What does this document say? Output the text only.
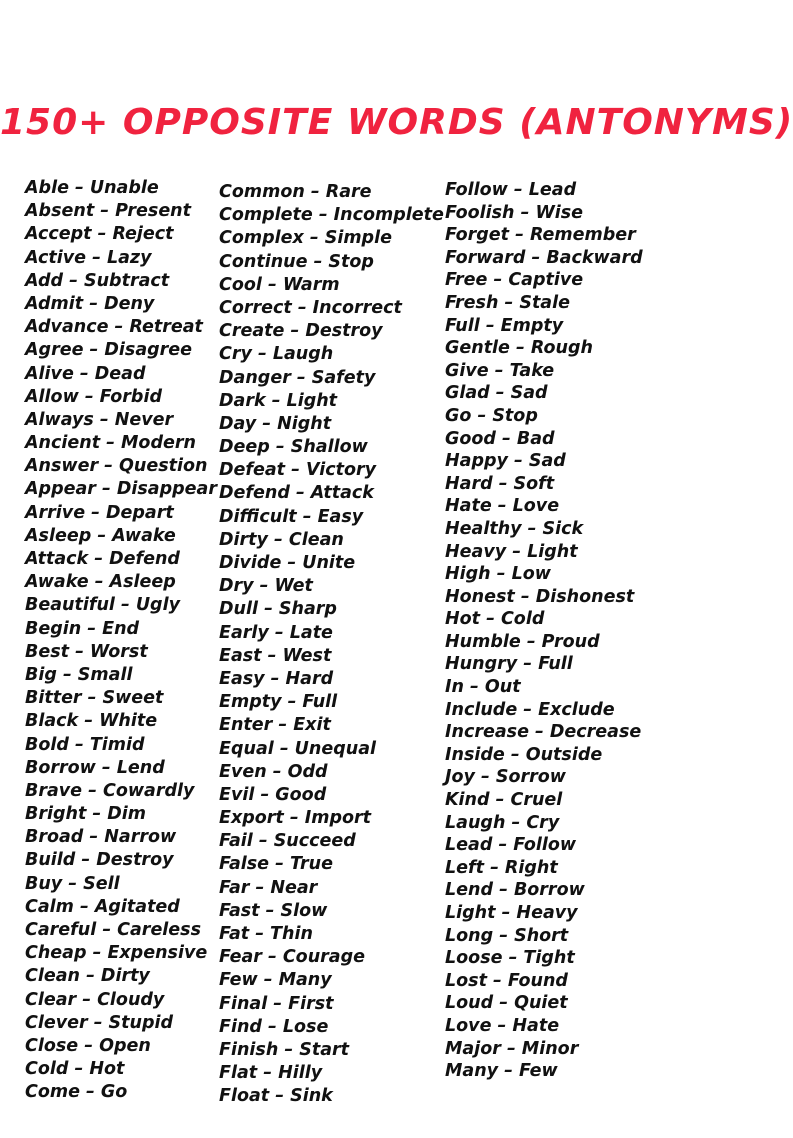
150+ OPPOSITE WORDS (ANTONYMS)
Able – Unable
Absent – Present
Accept – Reject
Active – Lazy
Add – Subtract
Admit – Deny
Advance – Retreat
Agree – Disagree
Alive – Dead
Allow – Forbid
Always – Never
Ancient – Modern
Answer – Question
Appear – Disappear
Arrive – Depart
Asleep – Awake
Attack – Defend
Awake – Asleep
Beautiful – Ugly
Begin – End
Best – Worst
Big – Small
Bitter – Sweet
Black – White
Bold – Timid
Borrow – Lend
Brave – Cowardly
Bright – Dim
Broad – Narrow
Build – Destroy
Buy – Sell
Calm – Agitated
Careful – Careless
Cheap – Expensive
Clean – Dirty
Clear – Cloudy
Clever – Stupid
Close – Open
Cold – Hot
Come – Go
Common – Rare
Complete – Incomplete
Complex – Simple
Continue – Stop
Cool – Warm
Correct – Incorrect
Create – Destroy
Cry – Laugh
Danger – Safety
Dark – Light
Day – Night
Deep – Shallow
Defeat – Victory
Defend – Attack
Difficult – Easy
Dirty – Clean
Divide – Unite
Dry – Wet
Dull – Sharp
Early – Late
East – West
Easy – Hard
Empty – Full
Enter – Exit
Equal – Unequal
Even – Odd
Evil – Good
Export – Import
Fail – Succeed
False – True
Far – Near
Fast – Slow
Fat – Thin
Fear – Courage
Few – Many
Final – First
Find – Lose
Finish – Start
Flat – Hilly
Float – Sink
Follow – Lead
Foolish – Wise
Forget – Remember
Forward – Backward
Free – Captive
Fresh – Stale
Full – Empty
Gentle – Rough
Give – Take
Glad – Sad
Go – Stop
Good – Bad
Happy – Sad
Hard – Soft
Hate – Love
Healthy – Sick
Heavy – Light
High – Low
Honest – Dishonest
Hot – Cold
Humble – Proud
Hungry – Full
In – Out
Include – Exclude
Increase – Decrease
Inside – Outside
Joy – Sorrow
Kind – Cruel
Laugh – Cry
Lead – Follow
Left – Right
Lend – Borrow
Light – Heavy
Long – Short
Loose – Tight
Lost – Found
Loud – Quiet
Love – Hate
Major – Minor
Many – Few
